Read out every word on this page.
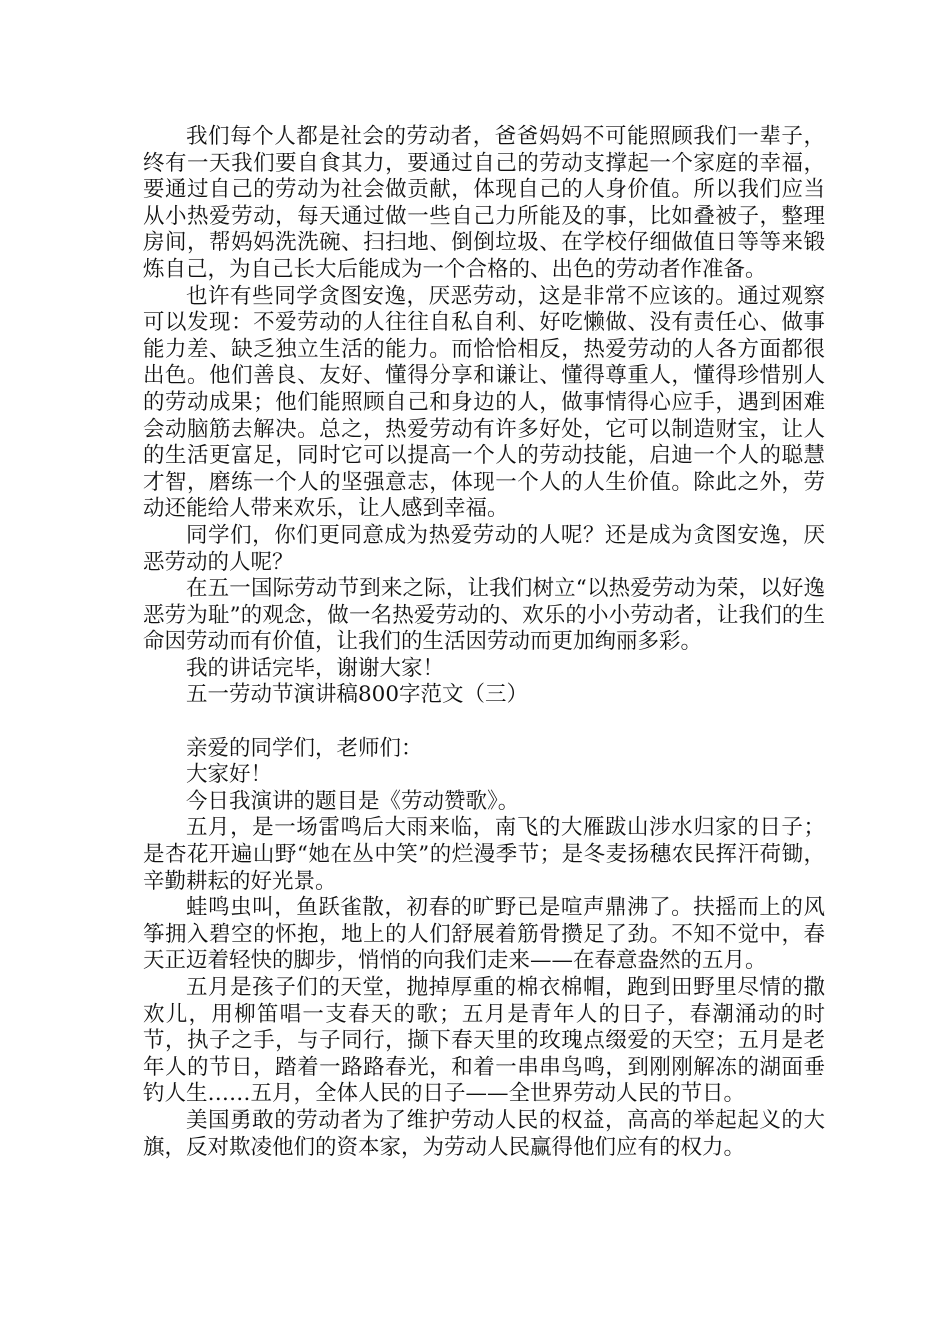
我们每个人都是社会的劳动者，爸爸妈妈不可能照顾我们一辈子，终有一天我们要自食其力，要通过自己的劳动支撑起一个家庭的幸福，要通过自己的劳动为社会做贡献，体现自己的人身价值。所以我们应当从小热爱劳动，每天通过做一些自己力所能及的事，比如叠被子，整理房间，帮妈妈洗洗碗、扫扫地、倒倒垃圾、在学校仔细做值日等等来锻炼自己，为自己长大后能成为一个合格的、出色的劳动者作准备。

也许有些同学贪图安逸，厌恶劳动，这是非常不应该的。通过观察可以发现：不爱劳动的人往往自私自利、好吃懒做、没有责任心、做事能力差、缺乏独立生活的能力。而恰恰相反，热爱劳动的人各方面都很出色。他们善良、友好、懂得分享和谦让、懂得尊重人，懂得珍惜别人的劳动成果；他们能照顾自己和身边的人，做事情得心应手，遇到困难会动脑筋去解决。总之，热爱劳动有许多好处，它可以制造财宝，让人的生活更富足，同时它可以提高一个人的劳动技能，启迪一个人的聪慧才智，磨练一个人的坚强意志，体现一个人的人生价值。除此之外，劳动还能给人带来欢乐，让人感到幸福。

同学们，你们更同意成为热爱劳动的人呢？还是成为贪图安逸，厌恶劳动的人呢？

在五一国际劳动节到来之际，让我们树立“以热爱劳动为荣，以好逸恶劳为耻”的观念，做一名热爱劳动的、欢乐的小小劳动者，让我们的生命因劳动而有价值，让我们的生活因劳动而更加绚丽多彩。

我的讲话完毕，谢谢大家！

五一劳动节演讲稿800字范文（三）

亲爱的同学们，老师们：

大家好！

今日我演讲的题目是《劳动赞歌》。

五月，是一场雷鸣后大雨来临，南飞的大雁跋山涉水归家的日子；是杏花开遍山野“她在丛中笑”的烂漫季节；是冬麦扬穗农民挥汗荷锄，辛勤耕耘的好光景。

蛙鸣虫叫，鱼跃雀散，初春的旷野已是喧声鼎沸了。扶摇而上的风筝拥入碧空的怀抱，地上的人们舒展着筋骨攒足了劲。不知不觉中，春天正迈着轻快的脚步，悄悄的向我们走来——在春意盎然的五月。

五月是孩子们的天堂，抛掉厚重的棉衣棉帽，跑到田野里尽情的撒欢儿，用柳笛唱一支春天的歌；五月是青年人的日子，春潮涌动的时节，执子之手，与子同行，撷下春天里的玫瑰点缀爱的天空；五月是老年人的节日，踏着一路路春光，和着一串串鸟鸣，到刚刚解冻的湖面垂钓人生……五月，全体人民的日子——全世界劳动人民的节日。

美国勇敢的劳动者为了维护劳动人民的权益，高高的举起起义的大旗，反对欺凌他们的资本家，为劳动人民赢得他们应有的权力。
